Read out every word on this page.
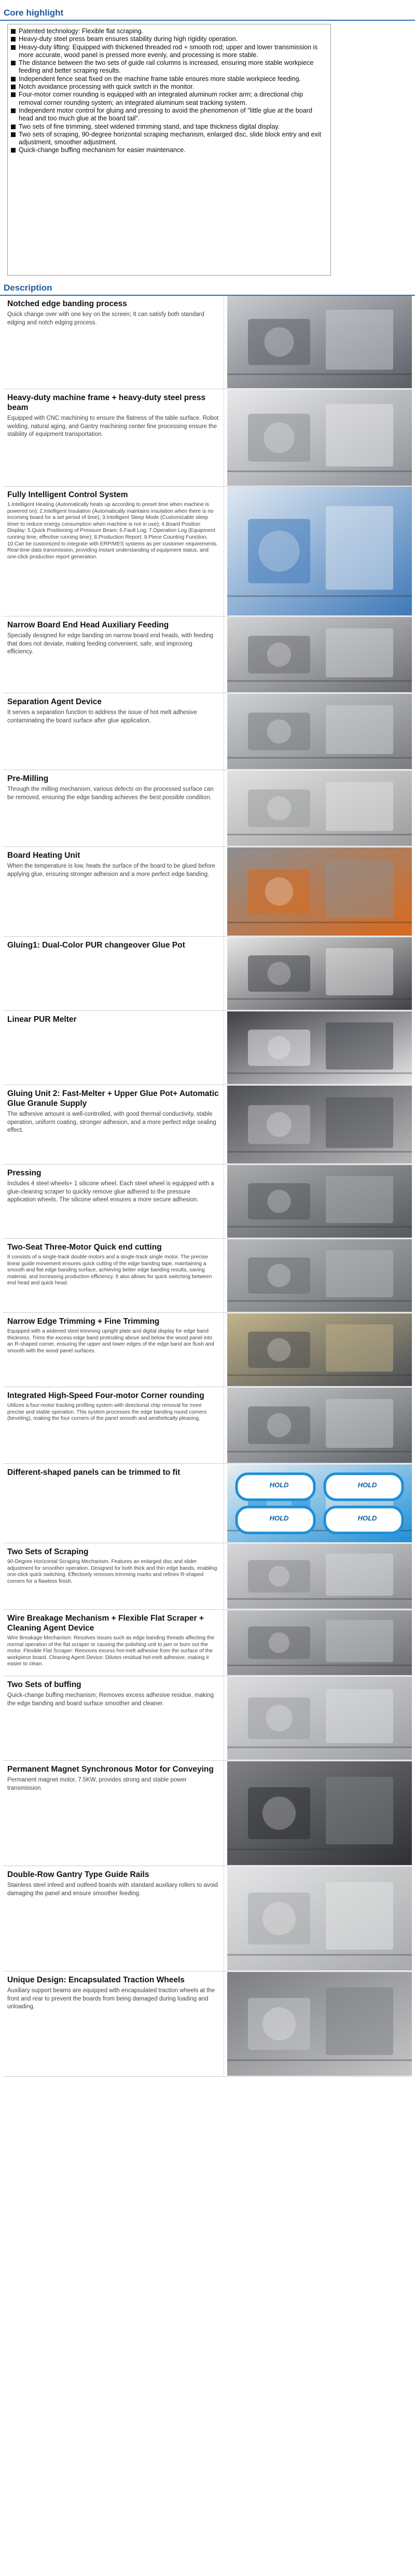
Core highlight
Patented technology: Flexible flat scraping.
Heavy-duty steel press beam ensures stability during high rigidity operation.
Heavy-duty lifting: Equipped with thickened threaded rod + smooth rod; upper and lower transmission is more accurate, wood panel is pressed more evenly, and processing is more stable.
The distance between the two sets of guide rail columns is increased, ensuring more stable workpiece feeding and better scraping results.
Independent fence seat fixed on the machine frame table ensures more stable workpiece feeding.
Notch avoidance processing with quick switch in the monitor.
Four-motor corner rounding is equipped with an integrated aluminum rocker arm; a directional chip removal corner rounding system; an integrated aluminum seat tracking system.
Independent motor control for gluing and pressing to avoid the phenomenon of "little glue at the board head and too much glue at the board tail".
Two sets of fine trimming, steel widened trimming stand, and tape thickness digital display.
Two sets of scraping, 90-degree horizontal scraping mechanism, enlarged disc, slide block entry and exit adjustment, smoother adjustment.
Quick-change buffing mechanism for easier maintenance.
Description
Notched edge banding process

Quick change over with one key on the screen; It can satisfy both standard edging and notch edging process.

Heavy-duty machine frame + heavy-duty steel press beam

Equipped with CNC machining to ensure the flatness of the table surface. Robot welding, natural aging, and Gantry machining center fine processing ensure the stability of equipment transportation.

Fully Intelligent Control System

1.Intelligent Heating (Automatically heats up according to preset time when machine is powered on); 2.Intelligent Insulation (Automatically maintains insulation when there is no incoming board for a set period of time); 3.Intelligent Sleep Mode (Customizable sleep timer to reduce energy consumption when machine is not in use); 4.Board Position Display; 5.Quick Positioning of Pressure Beam; 6.Fault Log; 7.Operation Log (Equipment running time, effective running time); 8.Production Report; 9.Piece Counting Function; 10.Can be customized to integrate with ERP/MES systems as per customer requirements. Real-time data transmission, providing instant understanding of equipment status, and one-click production report generation.

Narrow Board End Head Auxiliary Feeding

Specially designed for edge banding on narrow board end heads, with feeding that does not deviate, making feeding convenient, safe, and improving efficiency.

Separation Agent Device

It serves a separation function to address the issue of hot melt adhesive contaminating the board surface after glue application.

Pre-Milling

Through the milling mechanism, various defects on the processed surface can be removed, ensuring the edge banding achieves the best possible condition.

Board Heating Unit

When the temperature is low, heats the surface of the board to be glued before applying glue, ensuring stronger adhesion and a more perfect edge banding.

Gluing1: Dual-Color PUR changeover Glue Pot
Linear PUR Melter
Gluing Unit 2: Fast-Melter + Upper Glue Pot+ Automatic Glue Granule Supply

The adhesive amount is well-controlled, with good thermal conductivity, stable operation, uniform coating, stronger adhesion, and a more perfect edge sealing effect.

Pressing

Includes 4 steel wheels+ 1 silicone wheel. Each steel wheel is equipped with a glue-cleaning scraper to quickly remove glue adhered to the pressure application wheels. The silicone wheel ensures a more secure adhesion.

Two-Seat Three-Motor Quick end cutting

It consists of a single-track double motors and a single-track single motor. The precise linear guide movement ensures quick cutting of the edge banding tape, maintaining a smooth and flat edge banding surface, achieving better edge banding results, saving material, and increasing production efficiency. It also allows for quick switching between end head and quick head.

Narrow Edge Trimming + Fine Trimming

Equipped with a widened steel trimming upright plate and digital display for edge band thickness. Trims the excess edge band protruding above and below the wood panel into an R-shaped corner, ensuring the upper and lower edges of the edge band are flush and smooth with the wood panel surfaces.

Integrated High-Speed Four-motor Corner rounding

Utilizes a four-motor tracking profiling system with directional chip removal for more precise and stable operation. This system processes the edge banding round corners (beveling), making the four corners of the panel smooth and aesthetically pleasing.

Different-shaped panels can be trimmed to fit
HOLD	HOLD
HOLD	HOLD
Two Sets of Scraping

90-Degree Horizontal Scraping Mechanism. Features an enlarged disc and slider adjustment for smoother operation. Designed for both thick and thin edge bands, enabling one-click quick switching. Effectively removes trimming marks and refines R-shaped corners for a flawless finish.

Wire Breakage Mechanism + Flexible Flat Scraper + Cleaning Agent Device

Wire Breakage Mechanism: Resolves issues such as edge banding threads affecting the normal operation of the flat scraper or causing the polishing unit to jam or burn out the motor. Flexible Flat Scraper: Removes excess hot-melt adhesive from the surface of the workpiece board. Cleaning Agent Device: Dilutes residual hot-melt adhesive, making it easier to clean.

Two Sets of buffing

Quick-change buffing mechanism; Removes excess adhesive residue, making the edge banding and board surface smoother and cleaner.

Permanent Magnet Synchronous Motor for Conveying

Permanent magnet motor, 7.5KW, provides strong and stable power transmission.

Double-Row Gantry Type Guide Rails

Stainless steel infeed and outfeed boards with standard auxiliary rollers to avoid damaging the panel and ensure smoother feeding.

Unique Design: Encapsulated Traction Wheels

Auxiliary support beams are equipped with encapsulated traction wheels at the front and rear to prevent the boards from being damaged during loading and unloading.
